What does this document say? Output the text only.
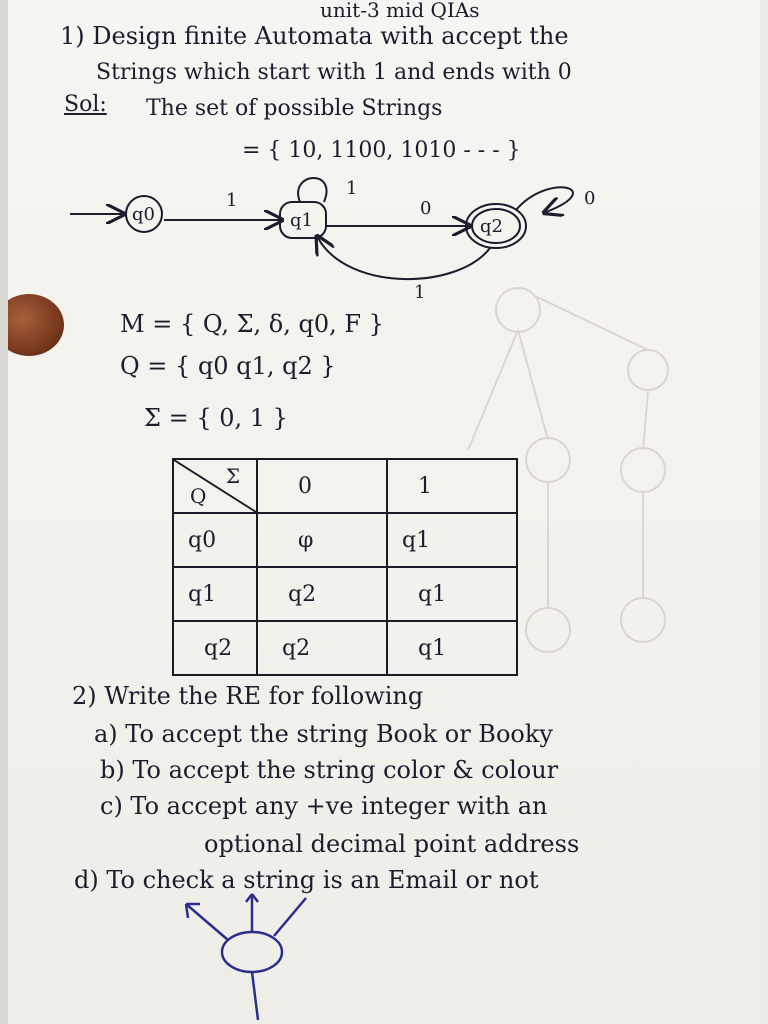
unit-3 mid QIAs
1) Design finite Automata with accept the
Strings which start with 1 and ends with 0
Sol: The set of possible Strings
= { 10, 1100, 1010 - - - }
q0	q1	q2
1
1
0	0
1
M = { Q, Σ, δ, q0, F }
Q = { q0 q1, q2 }
Σ = { 0, 1 }
Q
Σ	0	1
q0	φ	q1
q1	q2	q1
q2	q2	q1
2) Write the RE for following
a) To accept the string Book or Booky
b) To accept the string color & colour
c) To accept any +ve integer with an
optional decimal point address
d) To check a string is an Email or not
